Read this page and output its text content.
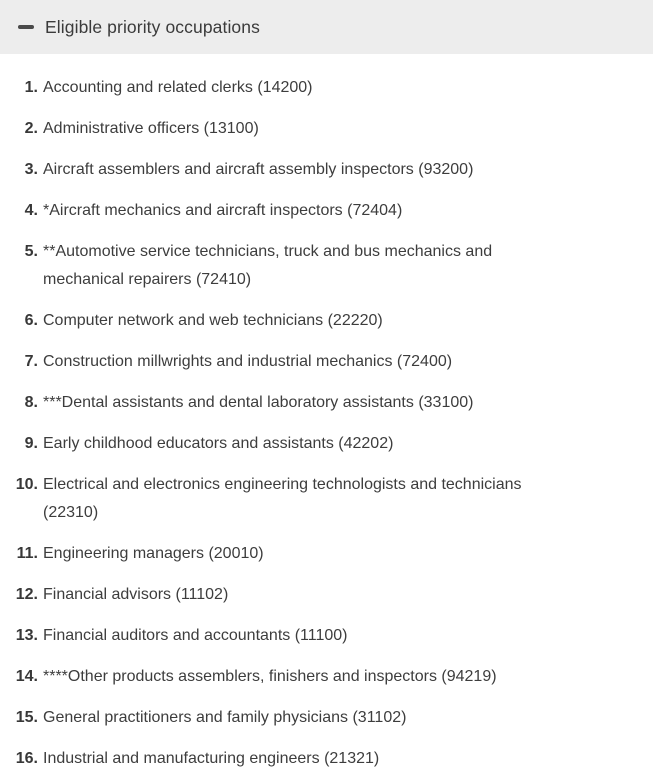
Eligible priority occupations
1. Accounting and related clerks (14200)
2. Administrative officers (13100)
3. Aircraft assemblers and aircraft assembly inspectors (93200)
4. *Aircraft mechanics and aircraft inspectors (72404)
5. **Automotive service technicians, truck and bus mechanics and
mechanical repairers (72410)
6. Computer network and web technicians (22220)
7. Construction millwrights and industrial mechanics (72400)
8. ***Dental assistants and dental laboratory assistants (33100)
9. Early childhood educators and assistants (42202)
10. Electrical and electronics engineering technologists and technicians
(22310)
11. Engineering managers (20010)
12. Financial advisors (11102)
13. Financial auditors and accountants (11100)
14. ****Other products assemblers, finishers and inspectors (94219)
15. General practitioners and family physicians (31102)
16. Industrial and manufacturing engineers (21321)
